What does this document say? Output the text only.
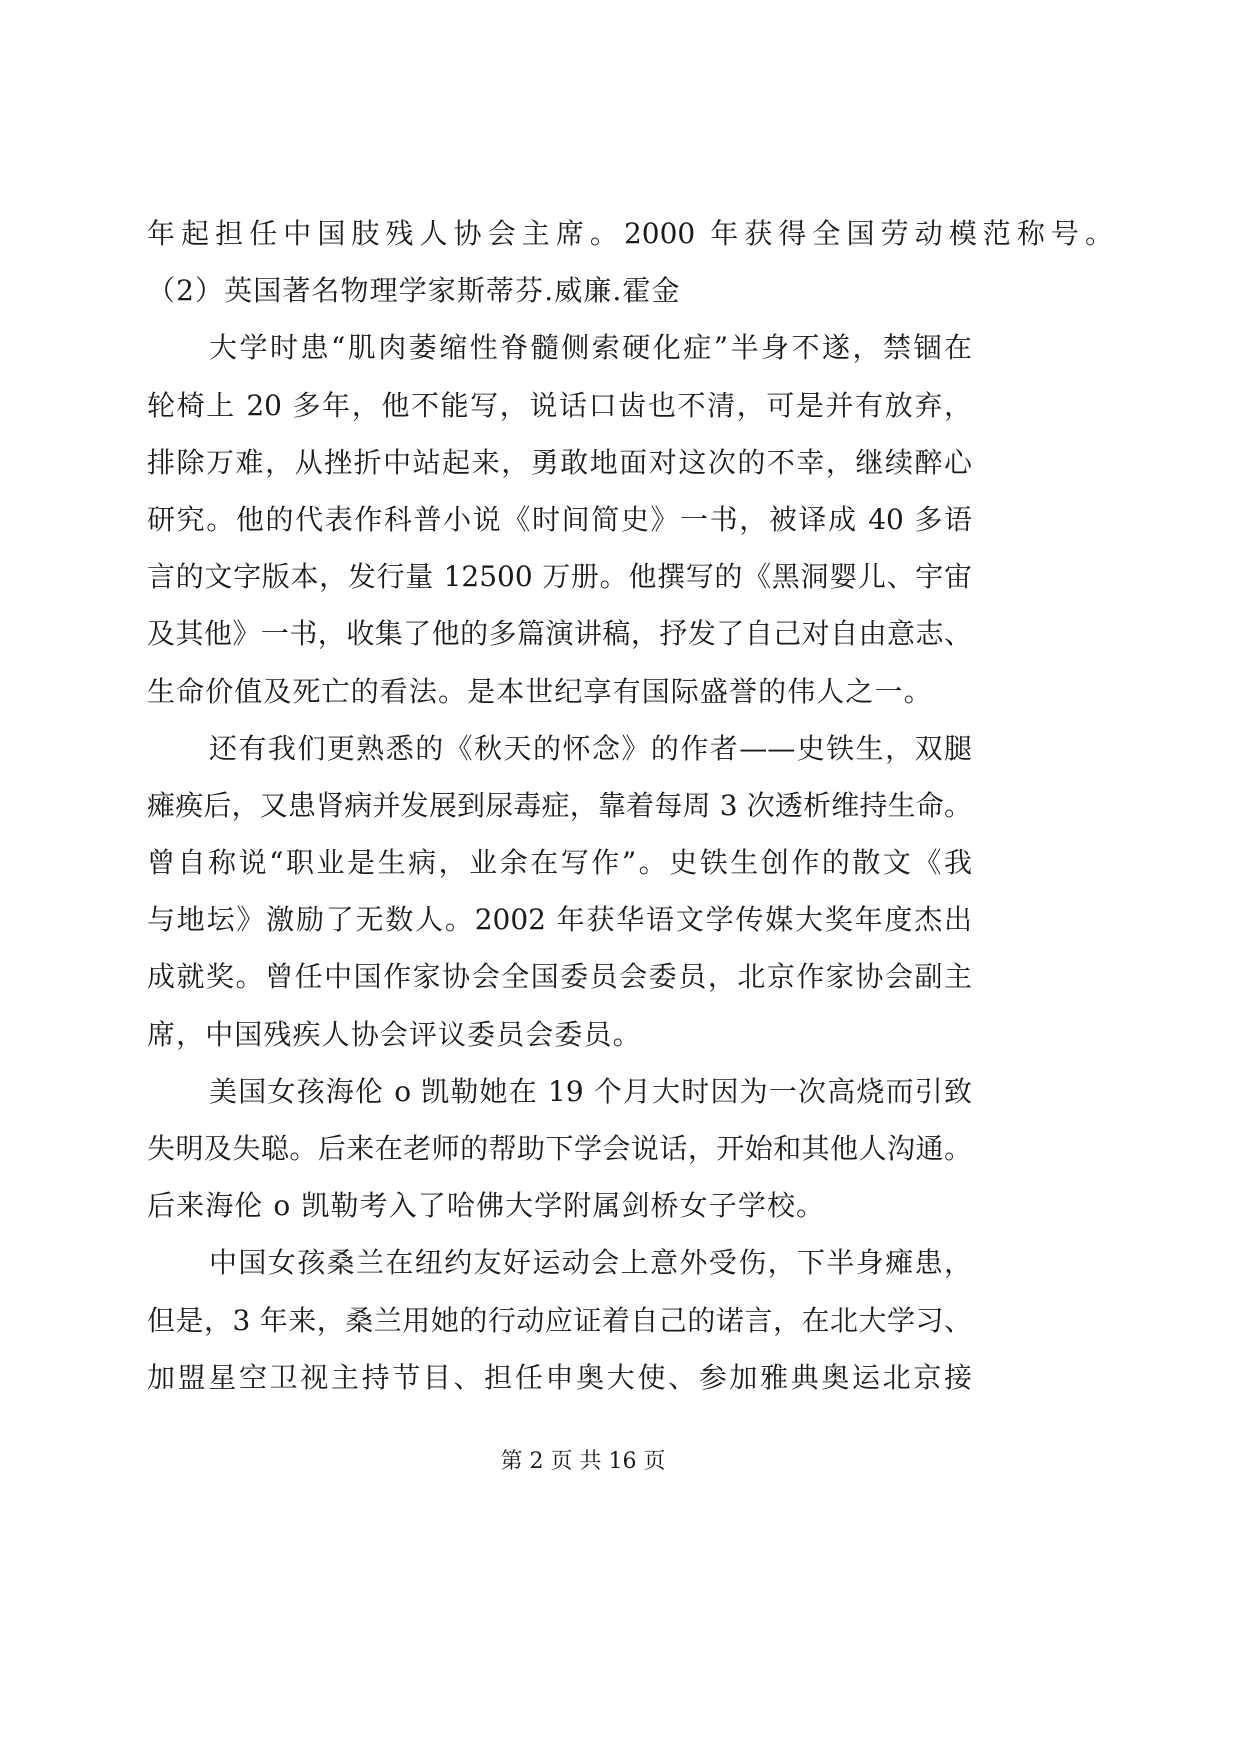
年起担任中国肢残人协会主席。2000 年获得全国劳动模范称号。
（2）英国著名物理学家斯蒂芬.威廉.霍金
大学时患“肌肉萎缩性脊髓侧索硬化症”半身不遂，禁锢在
轮椅上 20 多年，他不能写，说话口齿也不清，可是并有放弃，
排除万难，从挫折中站起来，勇敢地面对这次的不幸，继续醉心
研究。他的代表作科普小说《时间简史》一书，被译成 40 多语
言的文字版本，发行量 12500 万册。他撰写的《黑洞婴儿、宇宙
及其他》一书，收集了他的多篇演讲稿，抒发了自己对自由意志、
生命价值及死亡的看法。是本世纪享有国际盛誉的伟人之一。
还有我们更熟悉的《秋天的怀念》的作者——史铁生，双腿
瘫痪后，又患肾病并发展到尿毒症，靠着每周 3 次透析维持生命。
曾自称说“职业是生病，业余在写作”。史铁生创作的散文《我
与地坛》激励了无数人。2002 年获华语文学传媒大奖年度杰出
成就奖。曾任中国作家协会全国委员会委员，北京作家协会副主
席，中国残疾人协会评议委员会委员。
美国女孩海伦 o 凯勒她在 19 个月大时因为一次高烧而引致
失明及失聪。后来在老师的帮助下学会说话，开始和其他人沟通。
后来海伦 o 凯勒考入了哈佛大学附属剑桥女子学校。
中国女孩桑兰在纽约友好运动会上意外受伤，下半身瘫患，
但是，3 年来，桑兰用她的行动应证着自己的诺言，在北大学习、
加盟星空卫视主持节目、担任申奥大使、参加雅典奥运北京接
第 2 页 共 16 页
